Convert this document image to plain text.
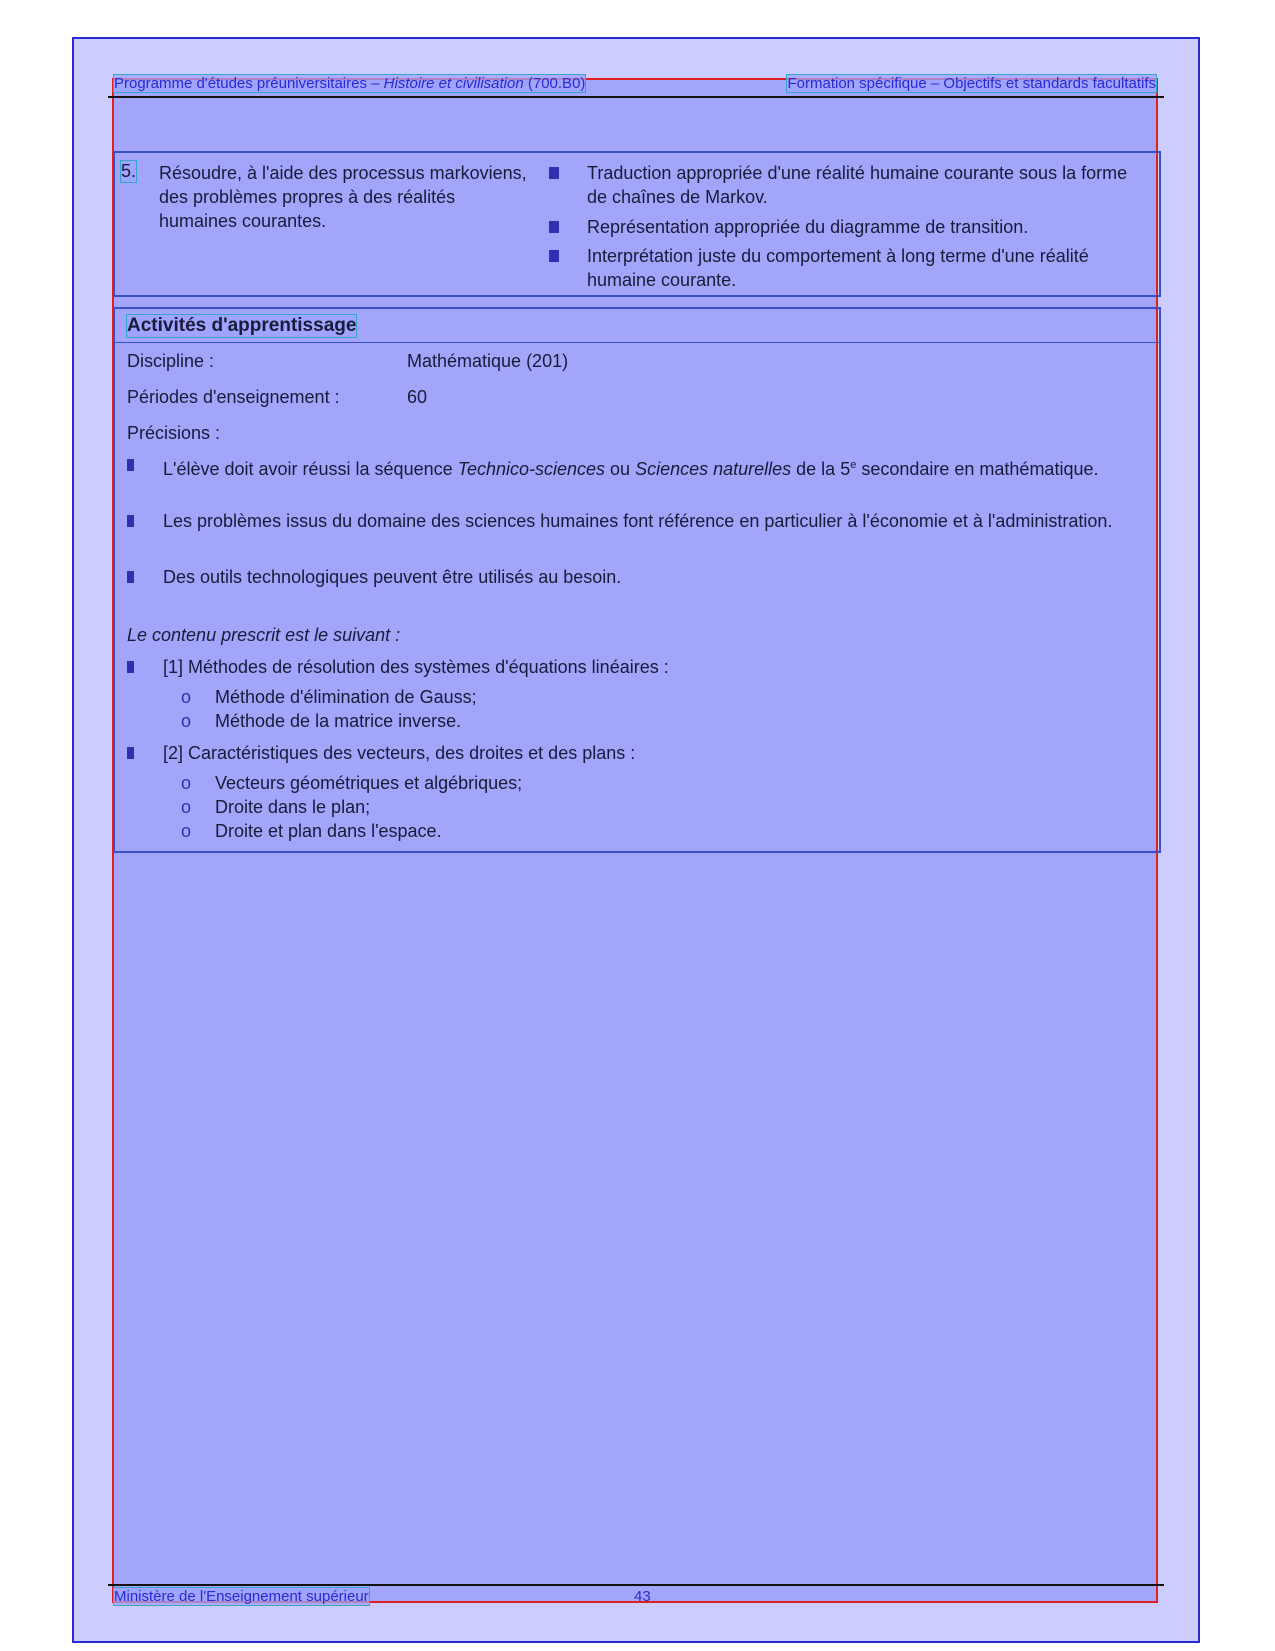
Programme d'études préuniversitaires – Histoire et civilisation (700.B0)	Formation spécifique – Objectifs et standards facultatifs
5. Résoudre, à l'aide des processus markoviens, des problèmes propres à des réalités humaines courantes.
Traduction appropriée d'une réalité humaine courante sous la forme de chaînes de Markov.
Représentation appropriée du diagramme de transition.
Interprétation juste du comportement à long terme d'une réalité humaine courante.
Activités d'apprentissage
Discipline :	Mathématique (201)
Périodes d'enseignement :	60
Précisions :
L'élève doit avoir réussi la séquence Technico-sciences ou Sciences naturelles de la 5e secondaire en mathématique.
Les problèmes issus du domaine des sciences humaines font référence en particulier à l'économie et à l'administration.
Des outils technologiques peuvent être utilisés au besoin.
Le contenu prescrit est le suivant :
[1] Méthodes de résolution des systèmes d'équations linéaires :
o Méthode d'élimination de Gauss;
o Méthode de la matrice inverse.
[2] Caractéristiques des vecteurs, des droites et des plans :
o Vecteurs géométriques et algébriques;
o Droite dans le plan;
o Droite et plan dans l'espace.
Ministère de l'Enseignement supérieur	43
